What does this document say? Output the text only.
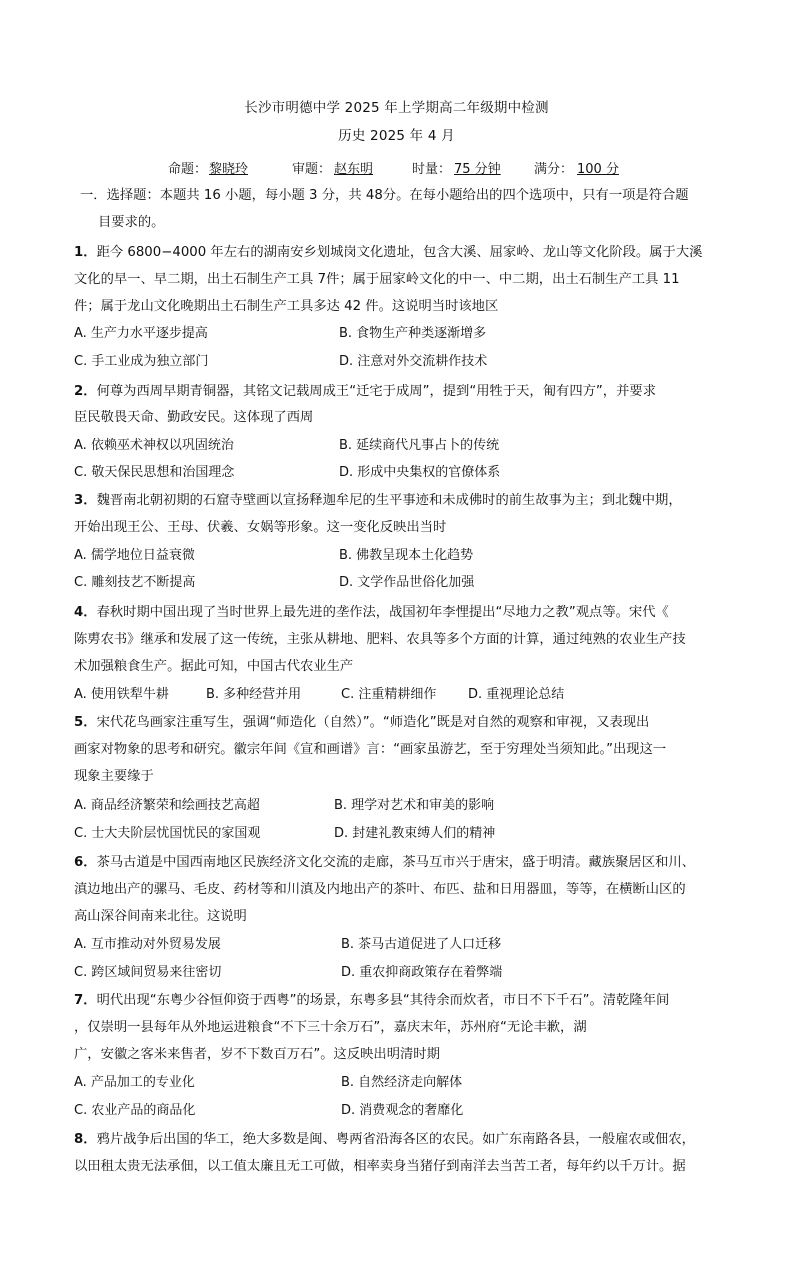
长沙市明德中学 2025 年上学期高二年级期中检测
历史 2025 年 4 月
命题： 黎晓玲	审题： 赵东明	时量： 75 分钟	满分： 100 分
一．选择题：本题共 16 小题，每小题 3 分，共 48分。在每小题给出的四个选项中，只有一项是符合题
目要求的。
1．距今 6800−4000 年左右的湖南安乡划城岗文化遗址，包含大溪、屈家岭、龙山等文化阶段。属于大溪
文化的早一、早二期，出土石制生产工具 7件；属于屈家岭文化的中一、中二期，出土石制生产工具 11
件；属于龙山文化晚期出土石制生产工具多达 42 件。这说明当时该地区
A. 生产力水平逐步提高	B. 食物生产种类逐渐增多
C. 手工业成为独立部门	D. 注意对外交流耕作技术
2．何尊为西周早期青铜器，其铭文记载周成王“迁宅于成周”，提到“用牲于天，匍有四方”，并要求
臣民敬畏天命、勤政安民。这体现了西周
A. 依赖巫术神权以巩固统治	B. 延续商代凡事占卜的传统
C. 敬天保民思想和治国理念	D. 形成中央集权的官僚体系
3．魏晋南北朝初期的石窟寺壁画以宣扬释迦牟尼的生平事迹和未成佛时的前生故事为主；到北魏中期，
开始出现王公、王母、伏羲、女娲等形象。这一变化反映出当时
A. 儒学地位日益衰微	B. 佛教呈现本土化趋势
C. 雕刻技艺不断提高	D. 文学作品世俗化加强
4．春秋时期中国出现了当时世界上最先进的垄作法，战国初年李悝提出“尽地力之教”观点等。宋代《
陈旉农书》继承和发展了这一传统，主张从耕地、肥料、农具等多个方面的计算，通过纯熟的农业生产技
术加强粮食生产。据此可知，中国古代农业生产
A. 使用铁犁牛耕	B. 多种经营并用	C. 注重精耕细作 D. 重视理论总结
5．宋代花鸟画家注重写生，强调“师造化（自然）”。“师造化”既是对自然的观察和审视，又表现出
画家对物象的思考和研究。徽宗年间《宣和画谱》言：“画家虽游艺，至于穷理处当须知此。”出现这一
现象主要缘于
A. 商品经济繁荣和绘画技艺高超	B. 理学对艺术和审美的影响
C. 士大夫阶层忧国忧民的家国观	D. 封建礼教束缚人们的精神
6．茶马古道是中国西南地区民族经济文化交流的走廊，茶马互市兴于唐宋，盛于明清。藏族聚居区和川、
滇边地出产的骡马、毛皮、药材等和川滇及内地出产的茶叶、布匹、盐和日用器皿，等等，在横断山区的
高山深谷间南来北往。这说明
A. 互市推动对外贸易发展	B. 茶马古道促进了人口迁移
C. 跨区域间贸易来往密切	D. 重农抑商政策存在着弊端
7．明代出现“东粤少谷恒仰资于西粤”的场景，东粤多县“其待余而炊者，市日不下千石”。清乾隆年间
，仅崇明一县每年从外地运进粮食“不下三十余万石”，嘉庆末年，苏州府“无论丰歉，湖
广，安徽之客米来售者，岁不下数百万石”。这反映出明清时期
A. 产品加工的专业化	B. 自然经济走向解体
C. 农业产品的商品化	D. 消费观念的奢靡化
8．鸦片战争后出国的华工，绝大多数是闽、粤两省沿海各区的农民。如广东南路各县，一般雇农或佃农，
以田租太贵无法承佃，以工值太廉且无工可做，相率卖身当猪仔到南洋去当苦工者，每年约以千万计。据
